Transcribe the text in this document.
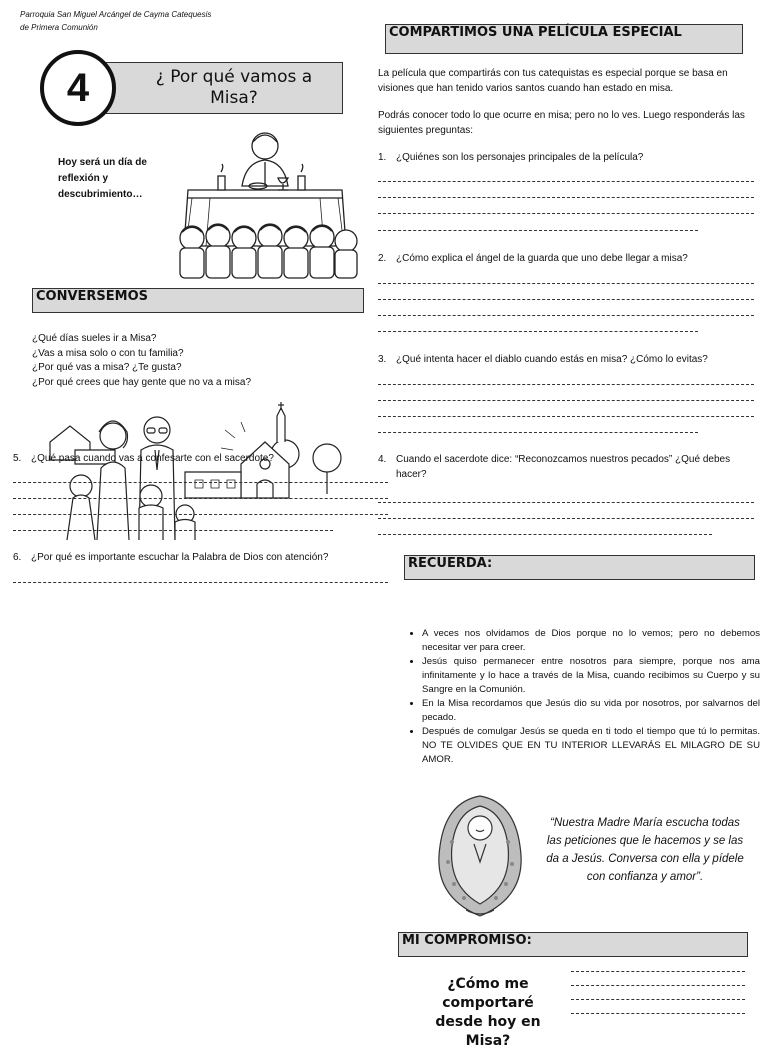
Parroquia San Miguel Arcángel de Cayma Catequesis
de Primera Comunión
4	¿ Por qué vamos a Misa?
Hoy será un día de reflexión y descubrimiento…
CONVERSEMOS
¿Qué días sueles ir a Misa?
¿Vas a misa solo o con tu familia?
¿Por qué vas a misa? ¿Te gusta?
¿Por qué crees que hay gente que no va a misa?
5. ¿Qué pasa cuando vas a confesarte con el sacerdote?
6. ¿Por qué es importante escuchar la Palabra de Dios con atención?
COMPARTIMOS UNA PELÍCULA ESPECIAL
La película que compartirás con tus catequistas es especial porque se basa en visiones que han tenido varios santos cuando han estado en misa.
Podrás conocer todo lo que ocurre en misa; pero no lo ves. Luego responderás las siguientes preguntas:
1. ¿Quiénes son los personajes principales de la película?
2. ¿Cómo explica el ángel de la guarda que uno debe llegar a misa?
3. ¿Qué intenta hacer el diablo cuando estás en misa? ¿Cómo lo evitas?
4. Cuando el sacerdote dice: “Reconozcamos nuestros pecados” ¿Qué debes hacer?
RECUERDA:
• A veces nos olvidamos de Dios porque no lo vemos; pero no debemos necesitar ver para creer.
• Jesús quiso permanecer entre nosotros para siempre, porque nos ama infinitamente y lo hace a través de la Misa, cuando recibimos su Cuerpo y su Sangre en la Comunión.
• En la Misa recordamos que Jesús dio su vida por nosotros, por salvarnos del pecado.
• Después de comulgar Jesús se queda en ti todo el tiempo que tú lo permitas. NO TE OLVIDES QUE EN TU INTERIOR LLEVARÁS EL MILAGRO DE SU AMOR.
“Nuestra Madre María escucha todas las peticiones que le hacemos y se las da a Jesús. Conversa con ella y pídele con confianza y amor”.
MI COMPROMISO:
¿Cómo me comportaré desde hoy en Misa?
